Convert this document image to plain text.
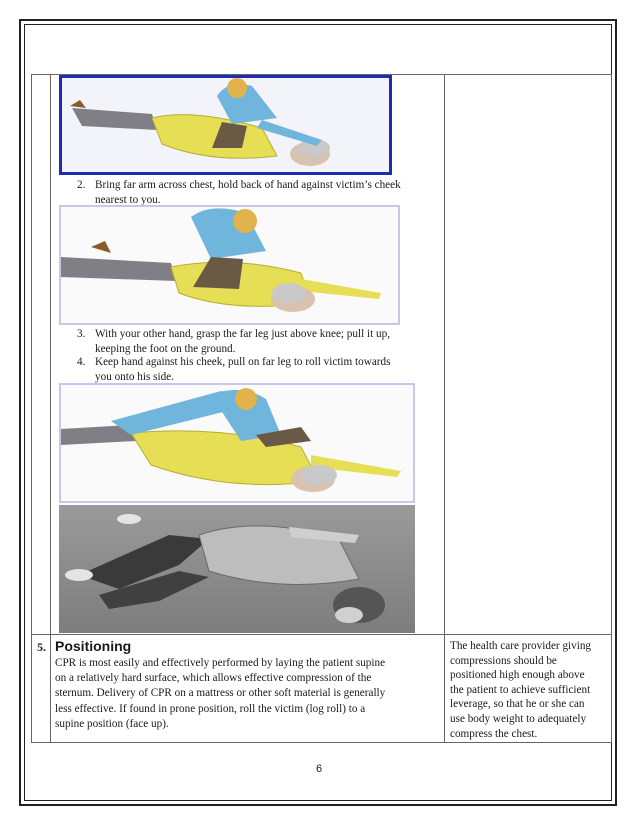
2. Bring far arm across chest, hold back of hand against victim’s cheek
nearest to you.
3. With your other hand, grasp the far leg just above knee; pull it up,
keeping the foot on the ground.
4. Keep hand against his cheek, pull on far leg to roll victim towards
you onto his side.
5. Positioning
CPR is most easily and effectively performed by laying the patient supine
on a relatively hard surface, which allows effective compression of the
sternum. Delivery of CPR on a mattress or other soft material is generally
less effective. If found in prone position, roll the victim (log roll) to a
supine position (face up).
The health care provider giving
compressions should be
positioned high enough above
the patient to achieve sufficient
leverage, so that he or she can
use body weight to adequately
compress the chest.
6
